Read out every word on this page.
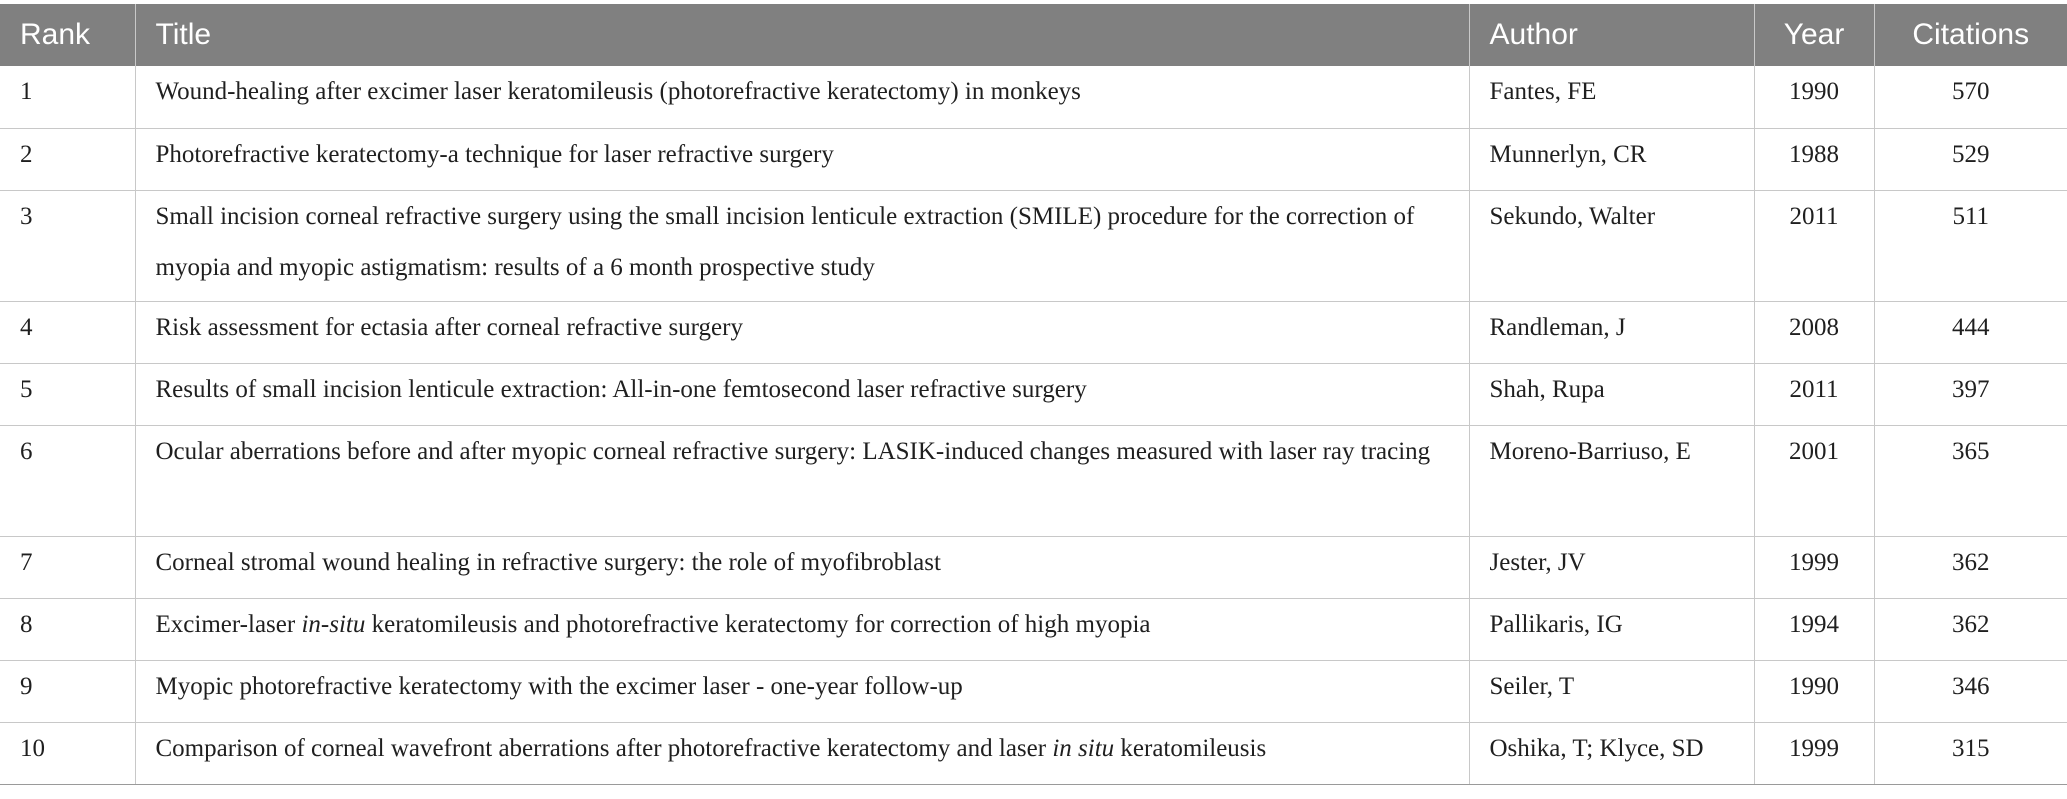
Rank	Title	Author	Year	Citations

1	Wound-healing after excimer laser keratomileusis (photorefractive keratectomy) in monkeys	Fantes, FE	1990	570

2	Photorefractive keratectomy-a technique for laser refractive surgery	Munnerlyn, CR	1988	529

3	Small incision corneal refractive surgery using the small incision lenticule extraction (SMILE) procedure for the correction of myopia and myopic astigmatism: results of a 6 month prospective study	Sekundo, Walter	2011	511

4	Risk assessment for ectasia after corneal refractive surgery	Randleman, J	2008	444

5	Results of small incision lenticule extraction: All-in-one femtosecond laser refractive surgery	Shah, Rupa	2011	397

6	Ocular aberrations before and after myopic corneal refractive surgery: LASIK-induced changes measured with laser ray tracing	Moreno-Barriuso, E	2001	365

7	Corneal stromal wound healing in refractive surgery: the role of myofibroblast	Jester, JV	1999	362

8	Excimer-laser in-situ keratomileusis and photorefractive keratectomy for correction of high myopia	Pallikaris, IG	1994	362

9	Myopic photorefractive keratectomy with the excimer laser - one-year follow-up	Seiler, T	1990	346

10	Comparison of corneal wavefront aberrations after photorefractive keratectomy and laser in situ keratomileusis	Oshika, T; Klyce, SD	1999	315
